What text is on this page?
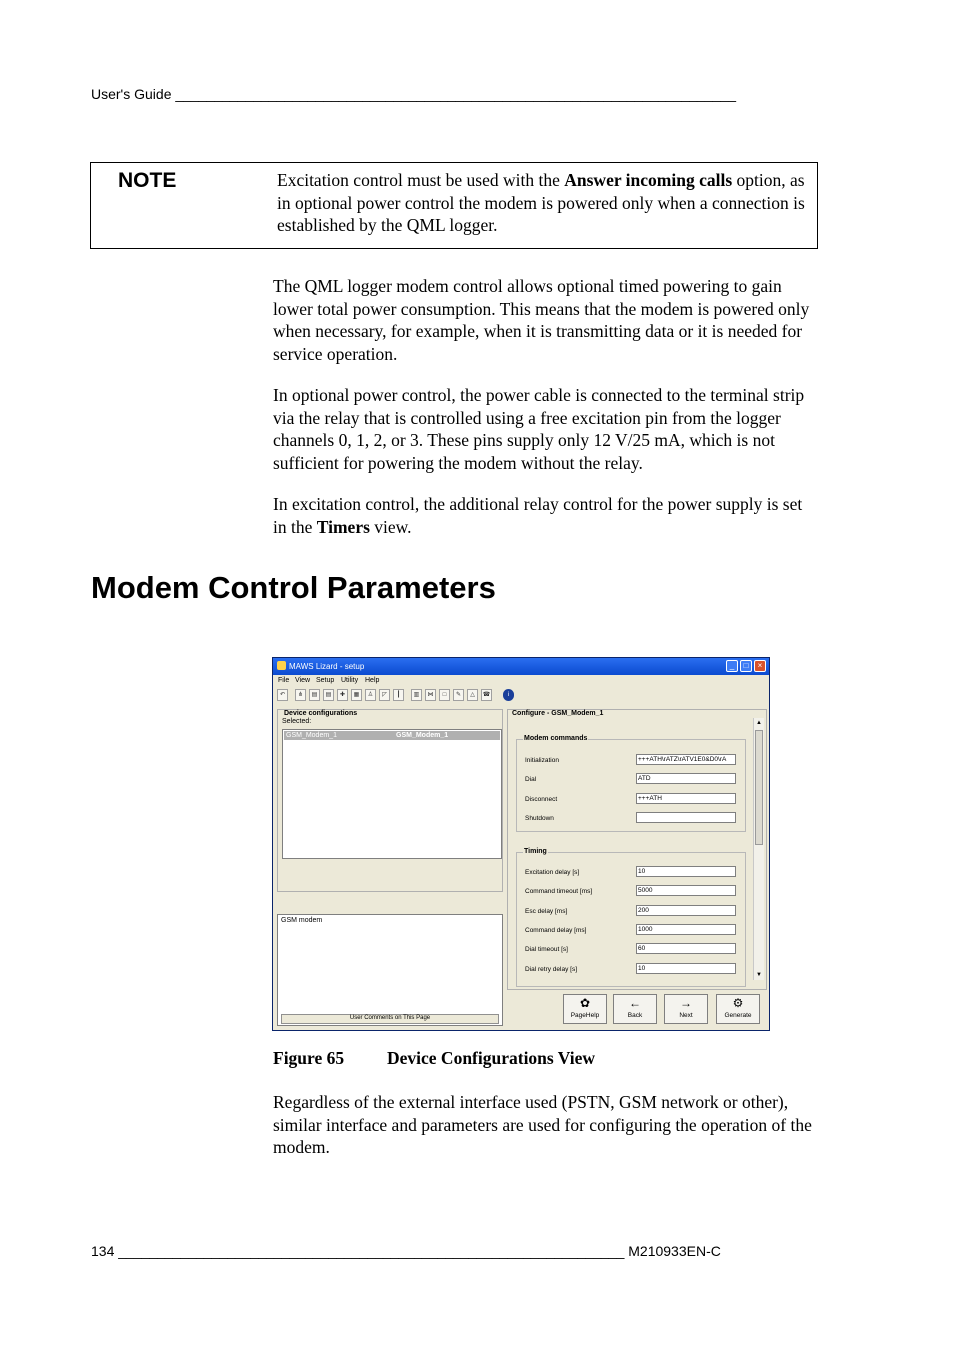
User's Guide ________________________________________________________________________
NOTE	Excitation control must be used with the Answer incoming calls option, as in optional power control the modem is powered only when a connection is established by the QML logger.
The QML logger modem control allows optional timed powering to gain lower total power consumption. This means that the modem is powered only when necessary, for example, when it is transmitting data or it is needed for service operation.
In optional power control, the power cable is connected to the terminal strip via the relay that is controlled using a free excitation pin from the logger channels 0, 1, 2, or 3. These pins supply only 12 V/25 mA, which is not sufficient for powering the modem without the relay.
In excitation control, the additional relay control for the power supply is set in the Timers view.
Modem Control Parameters
MAWS Lizard - setup	_	□	×
File View Setup Utility Help
↶	⋔	▤	▤	✚	▦	♙	◸	┃	▥	⋈	□	✎	△	☎	i
Device configurations
Selected:
GSM_Modem_1	GSM_Modem_1
GSM modem
User Comments on This Page
Configure - GSM_Modem_1
Modem commands
Initialization	+++ATH\rATZ\rATV1E0&D0\rA
Dial	ATD
Disconnect	+++ATH
Shutdown
Timing
Excitation delay [s]	10
Command timeout [ms]	5000
Esc delay [ms]	200
Command delay [ms]	1000
Dial timeout [s]	60
Dial retry delay [s]	10
▲
▼
✿
PageHelp
←
Back
→
Next
⚙
Generate
Figure 65 Device Configurations View
Regardless of the external interface used (PSTN, GSM network or other), similar interface and parameters are used for configuring the operation of the modem.
134 _________________________________________________________________ M210933EN-C
